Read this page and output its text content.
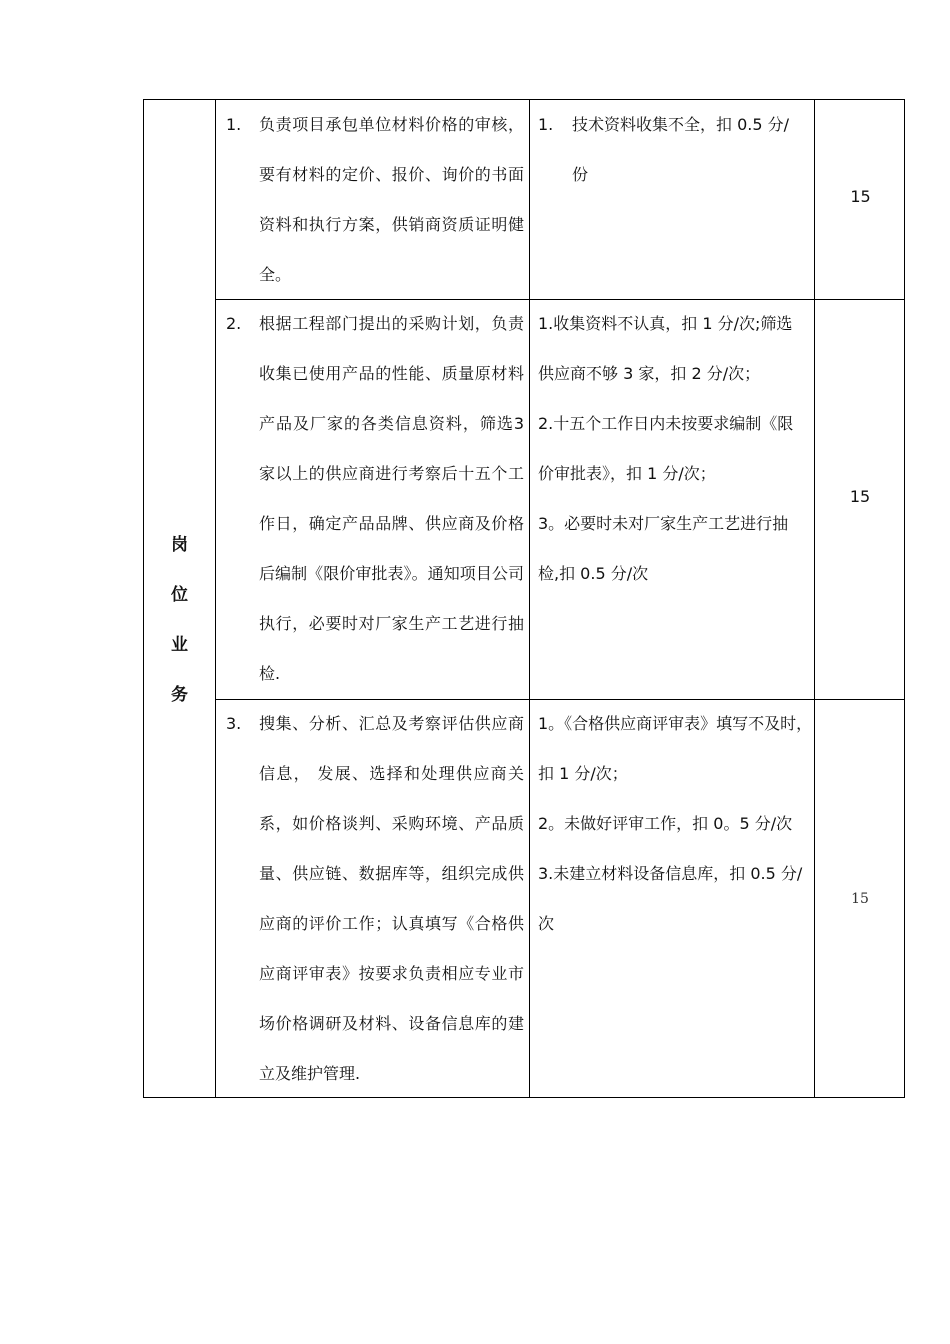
岗
位
业
务
1. 负责项目承包单位材料价格的审核，要有材料的定价、报价、询价的书面资料和执行方案，供销商资质证明健全。
1. 技术资料收集不全，扣 0.5 分/
份
15
2. 根据工程部门提出的采购计划，负责收集已使用产品的性能、质量原材料产品及厂家的各类信息资料，筛选3家以上的供应商进行考察后十五个工作日，确定产品品牌、供应商及价格后编制《限价审批表》。通知项目公司执行，必要时对厂家生产工艺进行抽检.
1.收集资料不认真，扣 1 分/次;筛选
供应商不够 3 家，扣 2 分/次；
2.十五个工作日内未按要求编制《限
价审批表》，扣 1 分/次；
3。必要时未对厂家生产工艺进行抽
检,扣 0.5 分/次
15
3. 搜集、分析、汇总及考察评估供应商信息， 发展、选择和处理供应商关系，如价格谈判、采购环境、产品质量、供应链、数据库等，组织完成供应商的评价工作；认真填写《合格供应商评审表》按要求负责相应专业市场价格调研及材料、设备信息库的建立及维护管理.
1。《合格供应商评审表》填写不及时，
扣 1 分/次；
2。未做好评审工作，扣 0。5 分/次
3.未建立材料设备信息库，扣 0.5 分/
次
15
